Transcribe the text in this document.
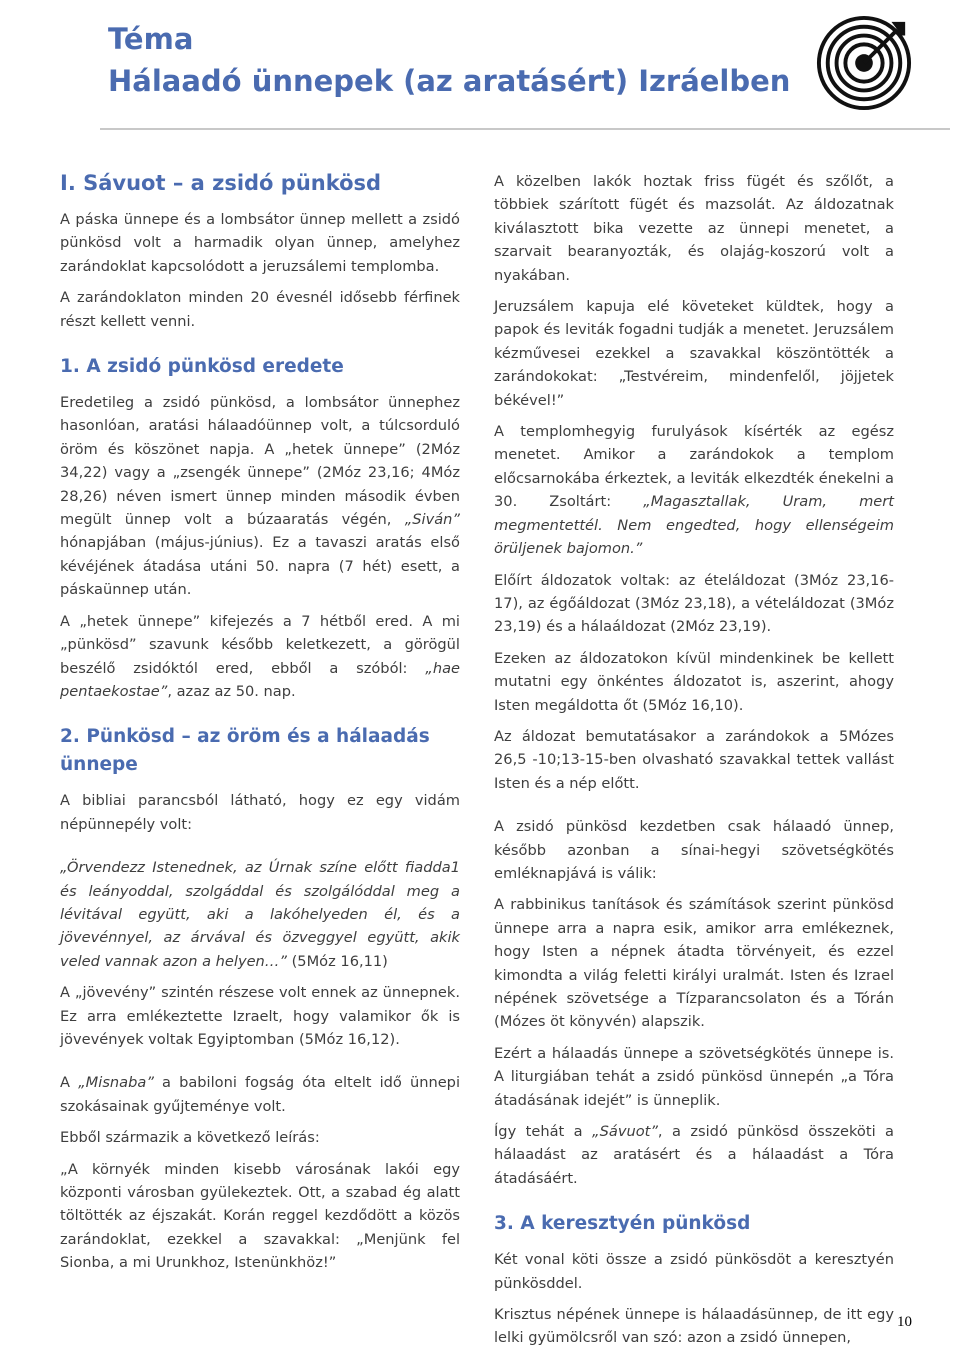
Téma
Hálaadó ünnepek (az aratásért) Izráelben
I. Sávuot – a zsidó pünkösd

A páska ünnepe és a lombsátor ünnep mellett a zsidó pünkösd volt a harmadik olyan ünnep, amelyhez zarándoklat kapcsolódott a jeruzsálemi templomba.

A zarándoklaton minden 20 évesnél idősebb férfinek részt kellett venni.

1. A zsidó pünkösd eredete

Eredetileg a zsidó pünkösd, a lombsátor ünnephez hasonlóan, aratási hálaadóünnep volt, a túlcsorduló öröm és köszönet napja. A „hetek ünnepe” (2Móz 34,22) vagy a „zsengék ünnepe” (2Móz 23,16; 4Móz 28,26) néven ismert ünnep minden második évben megült ünnep volt a búzaaratás végén, „Siván” hónapjában (május-június). Ez a tavaszi aratás első kévéjének átadása utáni 50. napra (7 hét) esett, a páskaünnep után.

A „hetek ünnepe” kifejezés a 7 hétből ered. A mi „pünkösd” szavunk később keletkezett, a görögül beszélő zsidóktól ered, ebből a szóból: „hae pentaekostae”, azaz az 50. nap.

2. Pünkösd – az öröm és a hálaadás ünnepe

A bibliai parancsból látható, hogy ez egy vidám népünnepély volt:

„Örvendezz Istenednek, az Úrnak színe előtt fiadda1 és leányoddal, szolgáddal és szolgálóddal meg a lévitával együtt, aki a lakóhelyeden él, és a jövevénnyel, az árvával és özveggyel együtt, akik veled vannak azon a helyen…” (5Móz 16,11)

A „jövevény” szintén részese volt ennek az ünnepnek. Ez arra emlékeztette Izraelt, hogy valamikor ők is jövevények voltak Egyiptomban (5Móz 16,12).

A „Misnaba” a babiloni fogság óta eltelt idő ünnepi szokásainak gyűjteménye volt.

Ebből származik a következő leírás:

„A környék minden kisebb városának lakói egy központi városban gyülekeztek. Ott, a szabad ég alatt töltötték az éjszakát. Korán reggel kezdődött a közös zarándoklat, ezekkel a szavakkal: „Menjünk fel Sionba, a mi Urunkhoz, Istenünkhöz!”

A közelben lakók hoztak friss fügét és szőlőt, a többiek szárított fügét és mazsolát. Az áldozatnak kiválasztott bika vezette az ünnepi menetet, a szarvait bearanyozták, és olajág-koszorú volt a nyakában.

Jeruzsálem kapuja elé követeket küldtek, hogy a papok és leviták fogadni tudják a menetet. Jeruzsálem kézművesei ezekkel a szavakkal köszöntötték a zarándokokat: „Testvéreim, mindenfelől, jöjjetek békével!”

A templomhegyig furulyások kísérték az egész menetet. Amikor a zarándokok a templom előcsarnokába érkeztek, a leviták elkezdték énekelni a 30. Zsoltárt: „Magasztallak, Uram, mert megmentettél. Nem engedted, hogy ellenségeim örüljenek bajomon.”

Előírt áldozatok voltak: az ételáldozat (3Móz 23,16-17), az égőáldozat (3Móz 23,18), a vételáldozat (3Móz 23,19) és a hálaáldozat (2Móz 23,19).

Ezeken az áldozatokon kívül mindenkinek be kellett mutatni egy önkéntes áldozatot is, aszerint, ahogy Isten megáldotta őt (5Móz 16,10).

Az áldozat bemutatásakor a zarándokok a 5Mózes 26,5 -10;13-15-ben olvasható szavakkal tettek vallást Isten és a nép előtt.

A zsidó pünkösd kezdetben csak hálaadó ünnep, később azonban a sínai-hegyi szövetségkötés emléknapjává is válik:

A rabbinikus tanítások és számítások szerint pünkösd ünnepe arra a napra esik, amikor arra emlékeznek, hogy Isten a népnek átadta törvényeit, és ezzel kimondta a világ feletti királyi uralmát. Isten és Izrael népének szövetsége a Tízparancsolaton és a Tórán (Mózes öt könyvén) alapszik.

Ezért a hálaadás ünnepe a szövetségkötés ünnepe is. A liturgiában tehát a zsidó pünkösd ünnepén „a Tóra átadásának idejét” is ünneplik.

Így tehát a „Sávuot”, a zsidó pünkösd összeköti a hálaadást az aratásért és a hálaadást a Tóra átadásáért.

3. A keresztyén pünkösd

Két vonal köti össze a zsidó pünkösdöt a keresztyén pünkösddel.

Krisztus népének ünnepe is hálaadásünnep, de itt egy lelki gyümölcsről van szó: azon a zsidó ünnepen,

10
